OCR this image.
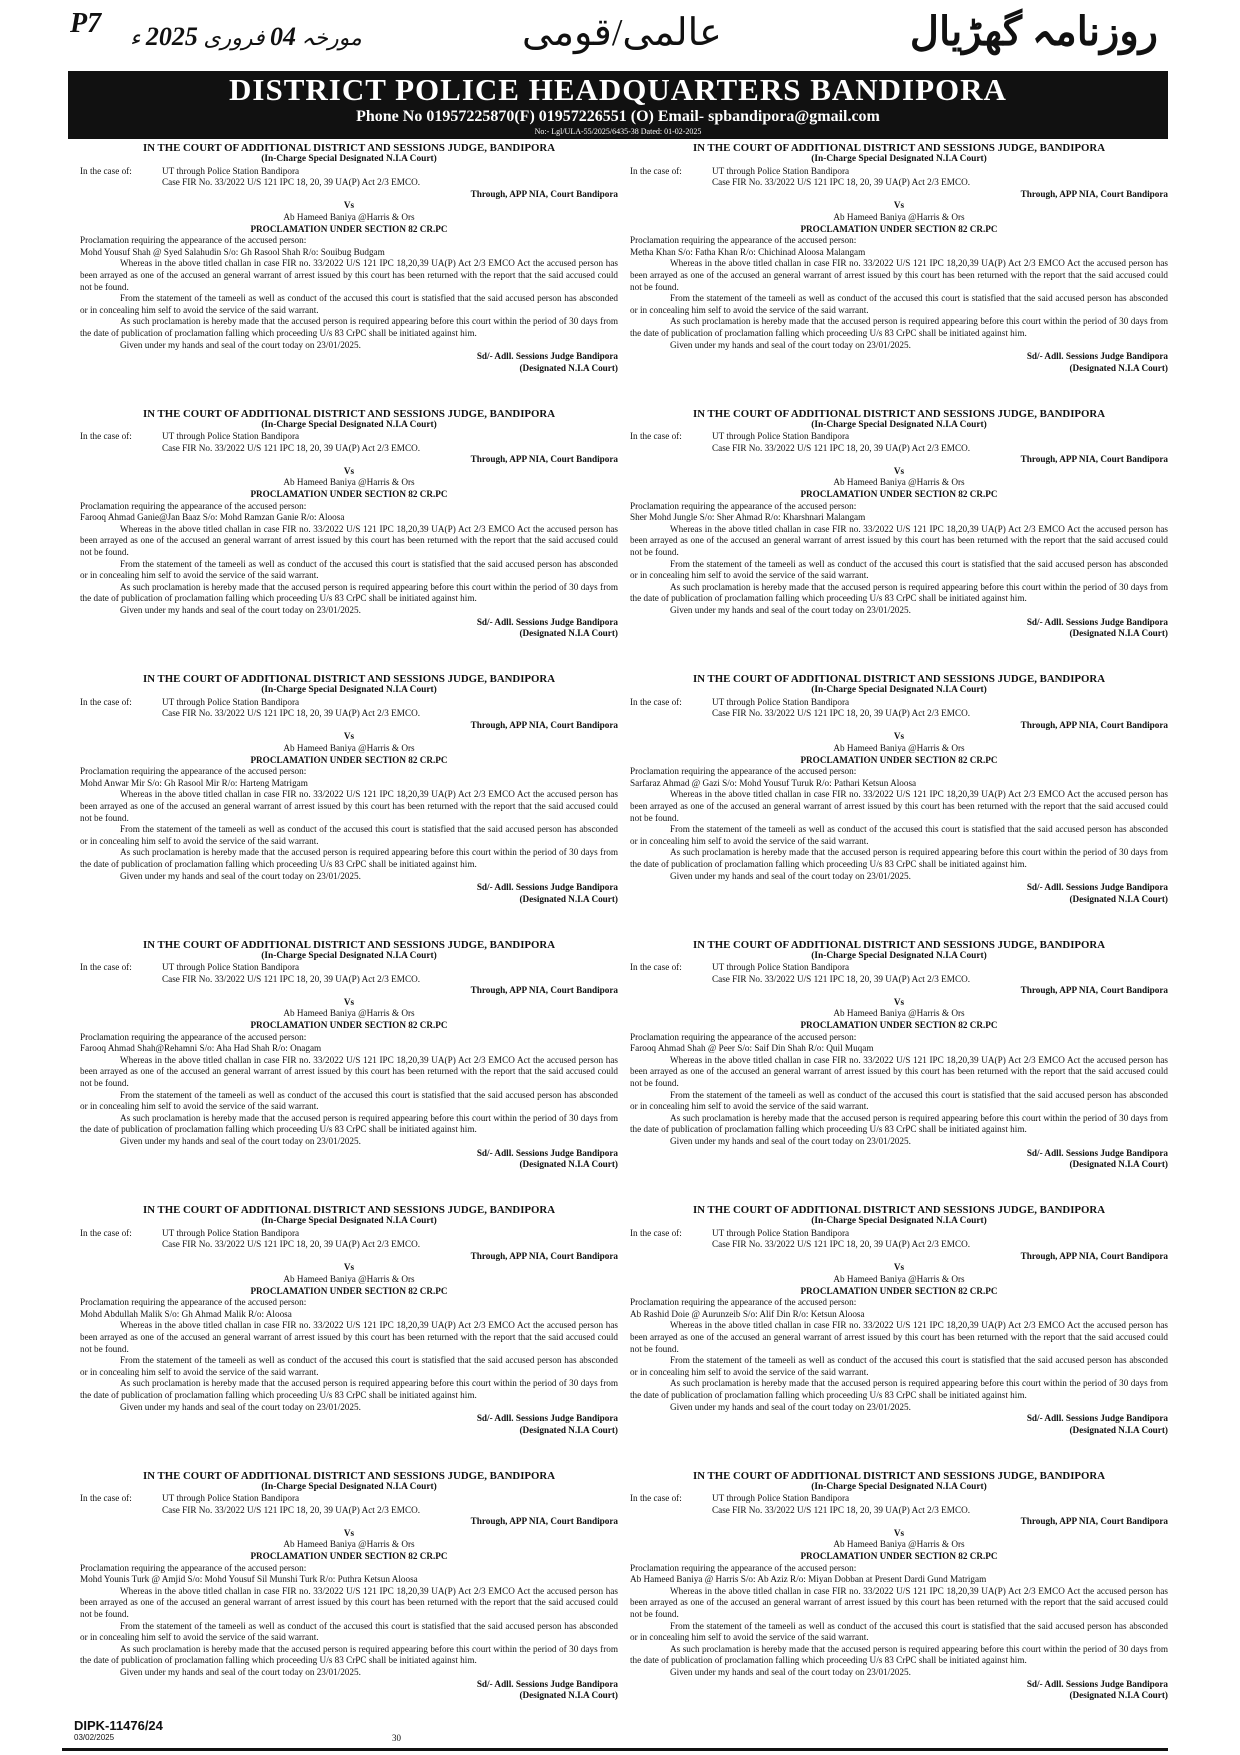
P7	مورخہ 04 فروری 2025 ء	عالمی/قومی	روزنامہ گھڑیال
DISTRICT POLICE HEADQUARTERS BANDIPORA
Phone No 01957225870(F) 01957226551 (O) Email- spbandipora@gmail.com
No:- Lgl/ULA-55/2025/6435-38 Dated: 01-02-2025
IN THE COURT OF ADDITIONAL DISTRICT AND SESSIONS JUDGE, BANDIPORA
(In-Charge Special Designated N.I.A Court)
In the case of:	UT through Police Station Bandipora
Case FIR No. 33/2022 U/S 121 IPC 18, 20, 39 UA(P) Act 2/3 EMCO.
Through, APP NIA, Court Bandipora
Vs
Ab Hameed Baniya @Harris & Ors
PROCLAMATION UNDER SECTION 82 CR.PC
Proclamation requiring the appearance of the accused person:
Mohd Yousuf Shah @ Syed Salahudin S/o: Gh Rasool Shah R/o: Souibug Budgam
Whereas in the above titled challan in case FIR no. 33/2022 U/S 121 IPC 18,20,39 UA(P) Act 2/3 EMCO Act the accused person has been arrayed as one of the accused an general warrant of arrest issued by this court has been returned with the report that the said accused could not be found.
From the statement of the tameeli as well as conduct of the accused this court is statisfied that the said accused person has absconded or in concealing him self to avoid the service of the said warrant.
As such proclamation is hereby made that the accused person is required appearing before this court within the period of 30 days from the date of publication of proclamation falling which proceeding U/s 83 CrPC shall be initiated against him.
Given under my hands and seal of the court today on 23/01/2025.
Sd/- Adll. Sessions Judge Bandipora
(Designated N.I.A Court)
IN THE COURT OF ADDITIONAL DISTRICT AND SESSIONS JUDGE, BANDIPORA
(In-Charge Special Designated N.I.A Court)
In the case of:	UT through Police Station Bandipora
Case FIR No. 33/2022 U/S 121 IPC 18, 20, 39 UA(P) Act 2/3 EMCO.
Through, APP NIA, Court Bandipora
Vs
Ab Hameed Baniya @Harris & Ors
PROCLAMATION UNDER SECTION 82 CR.PC
Proclamation requiring the appearance of the accused person:
Farooq Ahmad Ganie@Jan Baaz S/o: Mohd Ramzan Ganie R/o: Aloosa
Whereas in the above titled challan in case FIR no. 33/2022 U/S 121 IPC 18,20,39 UA(P) Act 2/3 EMCO Act the accused person has been arrayed as one of the accused an general warrant of arrest issued by this court has been returned with the report that the said accused could not be found.
From the statement of the tameeli as well as conduct of the accused this court is statisfied that the said accused person has absconded or in concealing him self to avoid the service of the said warrant.
As such proclamation is hereby made that the accused person is required appearing before this court within the period of 30 days from the date of publication of proclamation falling which proceeding U/s 83 CrPC shall be initiated against him.
Given under my hands and seal of the court today on 23/01/2025.
Sd/- Adll. Sessions Judge Bandipora
(Designated N.I.A Court)
IN THE COURT OF ADDITIONAL DISTRICT AND SESSIONS JUDGE, BANDIPORA
(In-Charge Special Designated N.I.A Court)
In the case of:	UT through Police Station Bandipora
Case FIR No. 33/2022 U/S 121 IPC 18, 20, 39 UA(P) Act 2/3 EMCO.
Through, APP NIA, Court Bandipora
Vs
Ab Hameed Baniya @Harris & Ors
PROCLAMATION UNDER SECTION 82 CR.PC
Proclamation requiring the appearance of the accused person:
Mohd Anwar Mir S/o: Gh Rasool Mir R/o: Harteng Matrigam
Whereas in the above titled challan in case FIR no. 33/2022 U/S 121 IPC 18,20,39 UA(P) Act 2/3 EMCO Act the accused person has been arrayed as one of the accused an general warrant of arrest issued by this court has been returned with the report that the said accused could not be found.
From the statement of the tameeli as well as conduct of the accused this court is statisfied that the said accused person has absconded or in concealing him self to avoid the service of the said warrant.
As such proclamation is hereby made that the accused person is required appearing before this court within the period of 30 days from the date of publication of proclamation falling which proceeding U/s 83 CrPC shall be initiated against him.
Given under my hands and seal of the court today on 23/01/2025.
Sd/- Adll. Sessions Judge Bandipora
(Designated N.I.A Court)
IN THE COURT OF ADDITIONAL DISTRICT AND SESSIONS JUDGE, BANDIPORA
(In-Charge Special Designated N.I.A Court)
In the case of:	UT through Police Station Bandipora
Case FIR No. 33/2022 U/S 121 IPC 18, 20, 39 UA(P) Act 2/3 EMCO.
Through, APP NIA, Court Bandipora
Vs
Ab Hameed Baniya @Harris & Ors
PROCLAMATION UNDER SECTION 82 CR.PC
Proclamation requiring the appearance of the accused person:
Farooq Ahmad Shah@Rehamni S/o: Aha Had Shah R/o: Onagam
Whereas in the above titled challan in case FIR no. 33/2022 U/S 121 IPC 18,20,39 UA(P) Act 2/3 EMCO Act the accused person has been arrayed as one of the accused an general warrant of arrest issued by this court has been returned with the report that the said accused could not be found.
From the statement of the tameeli as well as conduct of the accused this court is statisfied that the said accused person has absconded or in concealing him self to avoid the service of the said warrant.
As such proclamation is hereby made that the accused person is required appearing before this court within the period of 30 days from the date of publication of proclamation falling which proceeding U/s 83 CrPC shall be initiated against him.
Given under my hands and seal of the court today on 23/01/2025.
Sd/- Adll. Sessions Judge Bandipora
(Designated N.I.A Court)
IN THE COURT OF ADDITIONAL DISTRICT AND SESSIONS JUDGE, BANDIPORA
(In-Charge Special Designated N.I.A Court)
In the case of:	UT through Police Station Bandipora
Case FIR No. 33/2022 U/S 121 IPC 18, 20, 39 UA(P) Act 2/3 EMCO.
Through, APP NIA, Court Bandipora
Vs
Ab Hameed Baniya @Harris & Ors
PROCLAMATION UNDER SECTION 82 CR.PC
Proclamation requiring the appearance of the accused person:
Mohd Abdullah Malik S/o: Gh Ahmad Malik R/o: Aloosa
Whereas in the above titled challan in case FIR no. 33/2022 U/S 121 IPC 18,20,39 UA(P) Act 2/3 EMCO Act the accused person has been arrayed as one of the accused an general warrant of arrest issued by this court has been returned with the report that the said accused could not be found.
From the statement of the tameeli as well as conduct of the accused this court is statisfied that the said accused person has absconded or in concealing him self to avoid the service of the said warrant.
As such proclamation is hereby made that the accused person is required appearing before this court within the period of 30 days from the date of publication of proclamation falling which proceeding U/s 83 CrPC shall be initiated against him.
Given under my hands and seal of the court today on 23/01/2025.
Sd/- Adll. Sessions Judge Bandipora
(Designated N.I.A Court)
IN THE COURT OF ADDITIONAL DISTRICT AND SESSIONS JUDGE, BANDIPORA
(In-Charge Special Designated N.I.A Court)
In the case of:	UT through Police Station Bandipora
Case FIR No. 33/2022 U/S 121 IPC 18, 20, 39 UA(P) Act 2/3 EMCO.
Through, APP NIA, Court Bandipora
Vs
Ab Hameed Baniya @Harris & Ors
PROCLAMATION UNDER SECTION 82 CR.PC
Proclamation requiring the appearance of the accused person:
Mohd Younis Turk @ Amjid S/o: Mohd Yousuf Sil Munshi Turk R/o: Puthra Ketsun Aloosa
Whereas in the above titled challan in case FIR no. 33/2022 U/S 121 IPC 18,20,39 UA(P) Act 2/3 EMCO Act the accused person has been arrayed as one of the accused an general warrant of arrest issued by this court has been returned with the report that the said accused could not be found.
From the statement of the tameeli as well as conduct of the accused this court is statisfied that the said accused person has absconded or in concealing him self to avoid the service of the said warrant.
As such proclamation is hereby made that the accused person is required appearing before this court within the period of 30 days from the date of publication of proclamation falling which proceeding U/s 83 CrPC shall be initiated against him.
Given under my hands and seal of the court today on 23/01/2025.
Sd/- Adll. Sessions Judge Bandipora
(Designated N.I.A Court)
IN THE COURT OF ADDITIONAL DISTRICT AND SESSIONS JUDGE, BANDIPORA
(In-Charge Special Designated N.I.A Court)
In the case of:	UT through Police Station Bandipora
Case FIR No. 33/2022 U/S 121 IPC 18, 20, 39 UA(P) Act 2/3 EMCO.
Through, APP NIA, Court Bandipora
Vs
Ab Hameed Baniya @Harris & Ors
PROCLAMATION UNDER SECTION 82 CR.PC
Proclamation requiring the appearance of the accused person:
Metha Khan S/o: Fatha Khan R/o: Chichinad Aloosa Malangam
Whereas in the above titled challan in case FIR no. 33/2022 U/S 121 IPC 18,20,39 UA(P) Act 2/3 EMCO Act the accused person has been arrayed as one of the accused an general warrant of arrest issued by this court has been returned with the report that the said accused could not be found.
From the statement of the tameeli as well as conduct of the accused this court is statisfied that the said accused person has absconded or in concealing him self to avoid the service of the said warrant.
As such proclamation is hereby made that the accused person is required appearing before this court within the period of 30 days from the date of publication of proclamation falling which proceeding U/s 83 CrPC shall be initiated against him.
Given under my hands and seal of the court today on 23/01/2025.
Sd/- Adll. Sessions Judge Bandipora
(Designated N.I.A Court)
IN THE COURT OF ADDITIONAL DISTRICT AND SESSIONS JUDGE, BANDIPORA
(In-Charge Special Designated N.I.A Court)
In the case of:	UT through Police Station Bandipora
Case FIR No. 33/2022 U/S 121 IPC 18, 20, 39 UA(P) Act 2/3 EMCO.
Through, APP NIA, Court Bandipora
Vs
Ab Hameed Baniya @Harris & Ors
PROCLAMATION UNDER SECTION 82 CR.PC
Proclamation requiring the appearance of the accused person:
Sher Mohd Jungle S/o: Sher Ahmad R/o: Kharshnari Malangam
Whereas in the above titled challan in case FIR no. 33/2022 U/S 121 IPC 18,20,39 UA(P) Act 2/3 EMCO Act the accused person has been arrayed as one of the accused an general warrant of arrest issued by this court has been returned with the report that the said accused could not be found.
From the statement of the tameeli as well as conduct of the accused this court is statisfied that the said accused person has absconded or in concealing him self to avoid the service of the said warrant.
As such proclamation is hereby made that the accused person is required appearing before this court within the period of 30 days from the date of publication of proclamation falling which proceeding U/s 83 CrPC shall be initiated against him.
Given under my hands and seal of the court today on 23/01/2025.
Sd/- Adll. Sessions Judge Bandipora
(Designated N.I.A Court)
IN THE COURT OF ADDITIONAL DISTRICT AND SESSIONS JUDGE, BANDIPORA
(In-Charge Special Designated N.I.A Court)
In the case of:	UT through Police Station Bandipora
Case FIR No. 33/2022 U/S 121 IPC 18, 20, 39 UA(P) Act 2/3 EMCO.
Through, APP NIA, Court Bandipora
Vs
Ab Hameed Baniya @Harris & Ors
PROCLAMATION UNDER SECTION 82 CR.PC
Proclamation requiring the appearance of the accused person:
Sarfaraz Ahmad @ Gazi S/o: Mohd Yousuf Turuk R/o: Pathari Ketsun Aloosa
Whereas in the above titled challan in case FIR no. 33/2022 U/S 121 IPC 18,20,39 UA(P) Act 2/3 EMCO Act the accused person has been arrayed as one of the accused an general warrant of arrest issued by this court has been returned with the report that the said accused could not be found.
From the statement of the tameeli as well as conduct of the accused this court is statisfied that the said accused person has absconded or in concealing him self to avoid the service of the said warrant.
As such proclamation is hereby made that the accused person is required appearing before this court within the period of 30 days from the date of publication of proclamation falling which proceeding U/s 83 CrPC shall be initiated against him.
Given under my hands and seal of the court today on 23/01/2025.
Sd/- Adll. Sessions Judge Bandipora
(Designated N.I.A Court)
IN THE COURT OF ADDITIONAL DISTRICT AND SESSIONS JUDGE, BANDIPORA
(In-Charge Special Designated N.I.A Court)
In the case of:	UT through Police Station Bandipora
Case FIR No. 33/2022 U/S 121 IPC 18, 20, 39 UA(P) Act 2/3 EMCO.
Through, APP NIA, Court Bandipora
Vs
Ab Hameed Baniya @Harris & Ors
PROCLAMATION UNDER SECTION 82 CR.PC
Proclamation requiring the appearance of the accused person:
Farooq Ahmad Shah @ Peer S/o: Saif Din Shah R/o: Quil Muqam
Whereas in the above titled challan in case FIR no. 33/2022 U/S 121 IPC 18,20,39 UA(P) Act 2/3 EMCO Act the accused person has been arrayed as one of the accused an general warrant of arrest issued by this court has been returned with the report that the said accused could not be found.
From the statement of the tameeli as well as conduct of the accused this court is statisfied that the said accused person has absconded or in concealing him self to avoid the service of the said warrant.
As such proclamation is hereby made that the accused person is required appearing before this court within the period of 30 days from the date of publication of proclamation falling which proceeding U/s 83 CrPC shall be initiated against him.
Given under my hands and seal of the court today on 23/01/2025.
Sd/- Adll. Sessions Judge Bandipora
(Designated N.I.A Court)
IN THE COURT OF ADDITIONAL DISTRICT AND SESSIONS JUDGE, BANDIPORA
(In-Charge Special Designated N.I.A Court)
In the case of:	UT through Police Station Bandipora
Case FIR No. 33/2022 U/S 121 IPC 18, 20, 39 UA(P) Act 2/3 EMCO.
Through, APP NIA, Court Bandipora
Vs
Ab Hameed Baniya @Harris & Ors
PROCLAMATION UNDER SECTION 82 CR.PC
Proclamation requiring the appearance of the accused person:
Ab Rashid Doie @ Aurunzeib S/o: Alif Din R/o: Ketsun Aloosa
Whereas in the above titled challan in case FIR no. 33/2022 U/S 121 IPC 18,20,39 UA(P) Act 2/3 EMCO Act the accused person has been arrayed as one of the accused an general warrant of arrest issued by this court has been returned with the report that the said accused could not be found.
From the statement of the tameeli as well as conduct of the accused this court is statisfied that the said accused person has absconded or in concealing him self to avoid the service of the said warrant.
As such proclamation is hereby made that the accused person is required appearing before this court within the period of 30 days from the date of publication of proclamation falling which proceeding U/s 83 CrPC shall be initiated against him.
Given under my hands and seal of the court today on 23/01/2025.
Sd/- Adll. Sessions Judge Bandipora
(Designated N.I.A Court)
IN THE COURT OF ADDITIONAL DISTRICT AND SESSIONS JUDGE, BANDIPORA
(In-Charge Special Designated N.I.A Court)
In the case of:	UT through Police Station Bandipora
Case FIR No. 33/2022 U/S 121 IPC 18, 20, 39 UA(P) Act 2/3 EMCO.
Through, APP NIA, Court Bandipora
Vs
Ab Hameed Baniya @Harris & Ors
PROCLAMATION UNDER SECTION 82 CR.PC
Proclamation requiring the appearance of the accused person:
Ab Hameed Baniya @ Harris S/o: Ab Aziz R/o: Miyan Dobban at Present Dardi Gund Matrigam
Whereas in the above titled challan in case FIR no. 33/2022 U/S 121 IPC 18,20,39 UA(P) Act 2/3 EMCO Act the accused person has been arrayed as one of the accused an general warrant of arrest issued by this court has been returned with the report that the said accused could not be found.
From the statement of the tameeli as well as conduct of the accused this court is statisfied that the said accused person has absconded or in concealing him self to avoid the service of the said warrant.
As such proclamation is hereby made that the accused person is required appearing before this court within the period of 30 days from the date of publication of proclamation falling which proceeding U/s 83 CrPC shall be initiated against him.
Given under my hands and seal of the court today on 23/01/2025.
Sd/- Adll. Sessions Judge Bandipora
(Designated N.I.A Court)
DIPK-11476/24
03/02/2025	30
